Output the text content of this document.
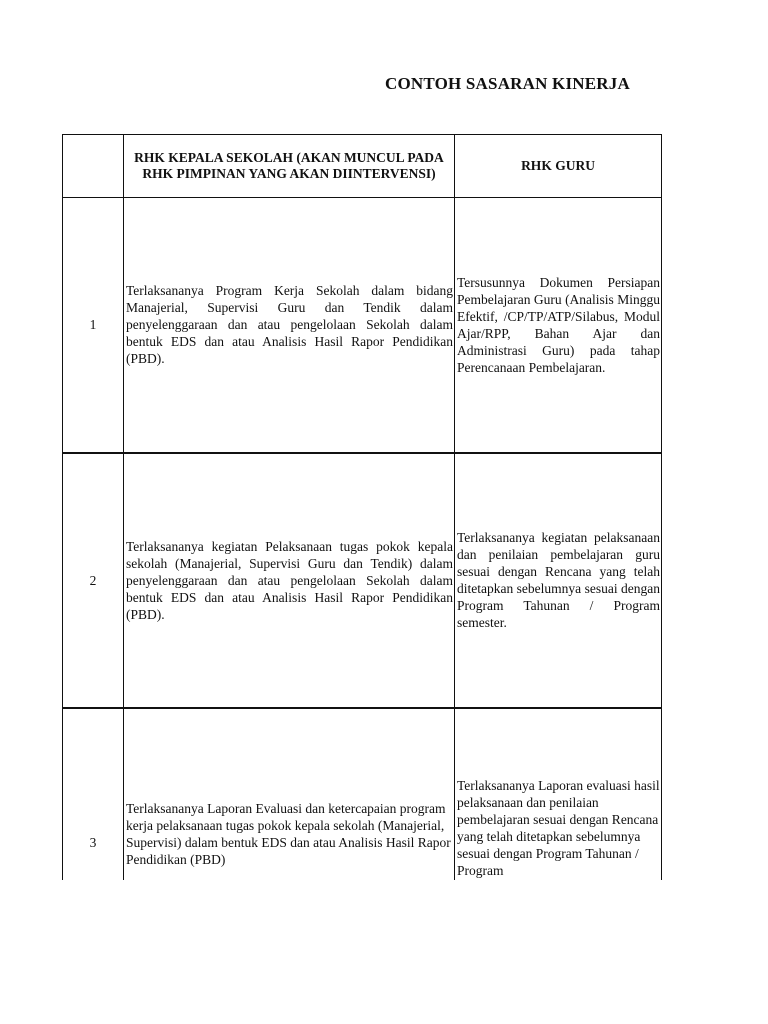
CONTOH SASARAN KINERJA

	RHK KEPALA SEKOLAH (AKAN MUNCUL PADA RHK PIMPINAN YANG AKAN DIINTERVENSI)	RHK GURU

1	Terlaksananya Program Kerja Sekolah dalam bidang Manajerial, Supervisi Guru dan Tendik dalam penyelenggaraan dan atau pengelolaan Sekolah dalam bentuk EDS dan atau Analisis Hasil Rapor Pendidikan (PBD).	Tersusunnya Dokumen Persiapan Pembelajaran Guru (Analisis Minggu Efektif, /CP/TP/ATP/Silabus, Modul Ajar/RPP, Bahan Ajar dan Administrasi Guru) pada tahap Perencanaan Pembelajaran.

2	Terlaksananya kegiatan Pelaksanaan tugas pokok kepala sekolah (Manajerial, Supervisi Guru dan Tendik) dalam penyelenggaraan dan atau pengelolaan Sekolah dalam bentuk EDS dan atau Analisis Hasil Rapor Pendidikan (PBD).	Terlaksananya kegiatan pelaksanaan dan penilaian pembelajaran guru sesuai dengan Rencana yang telah ditetapkan sebelumnya sesuai dengan Program Tahunan / Program semester.

3	Terlaksananya Laporan Evaluasi dan ketercapaian program kerja pelaksanaan tugas pokok kepala sekolah (Manajerial, Supervisi) dalam bentuk EDS dan atau Analisis Hasil Rapor Pendidikan (PBD)	Terlaksananya Laporan evaluasi hasil pelaksanaan dan penilaian pembelajaran sesuai dengan Rencana yang telah ditetapkan sebelumnya sesuai dengan Program Tahunan / Program
